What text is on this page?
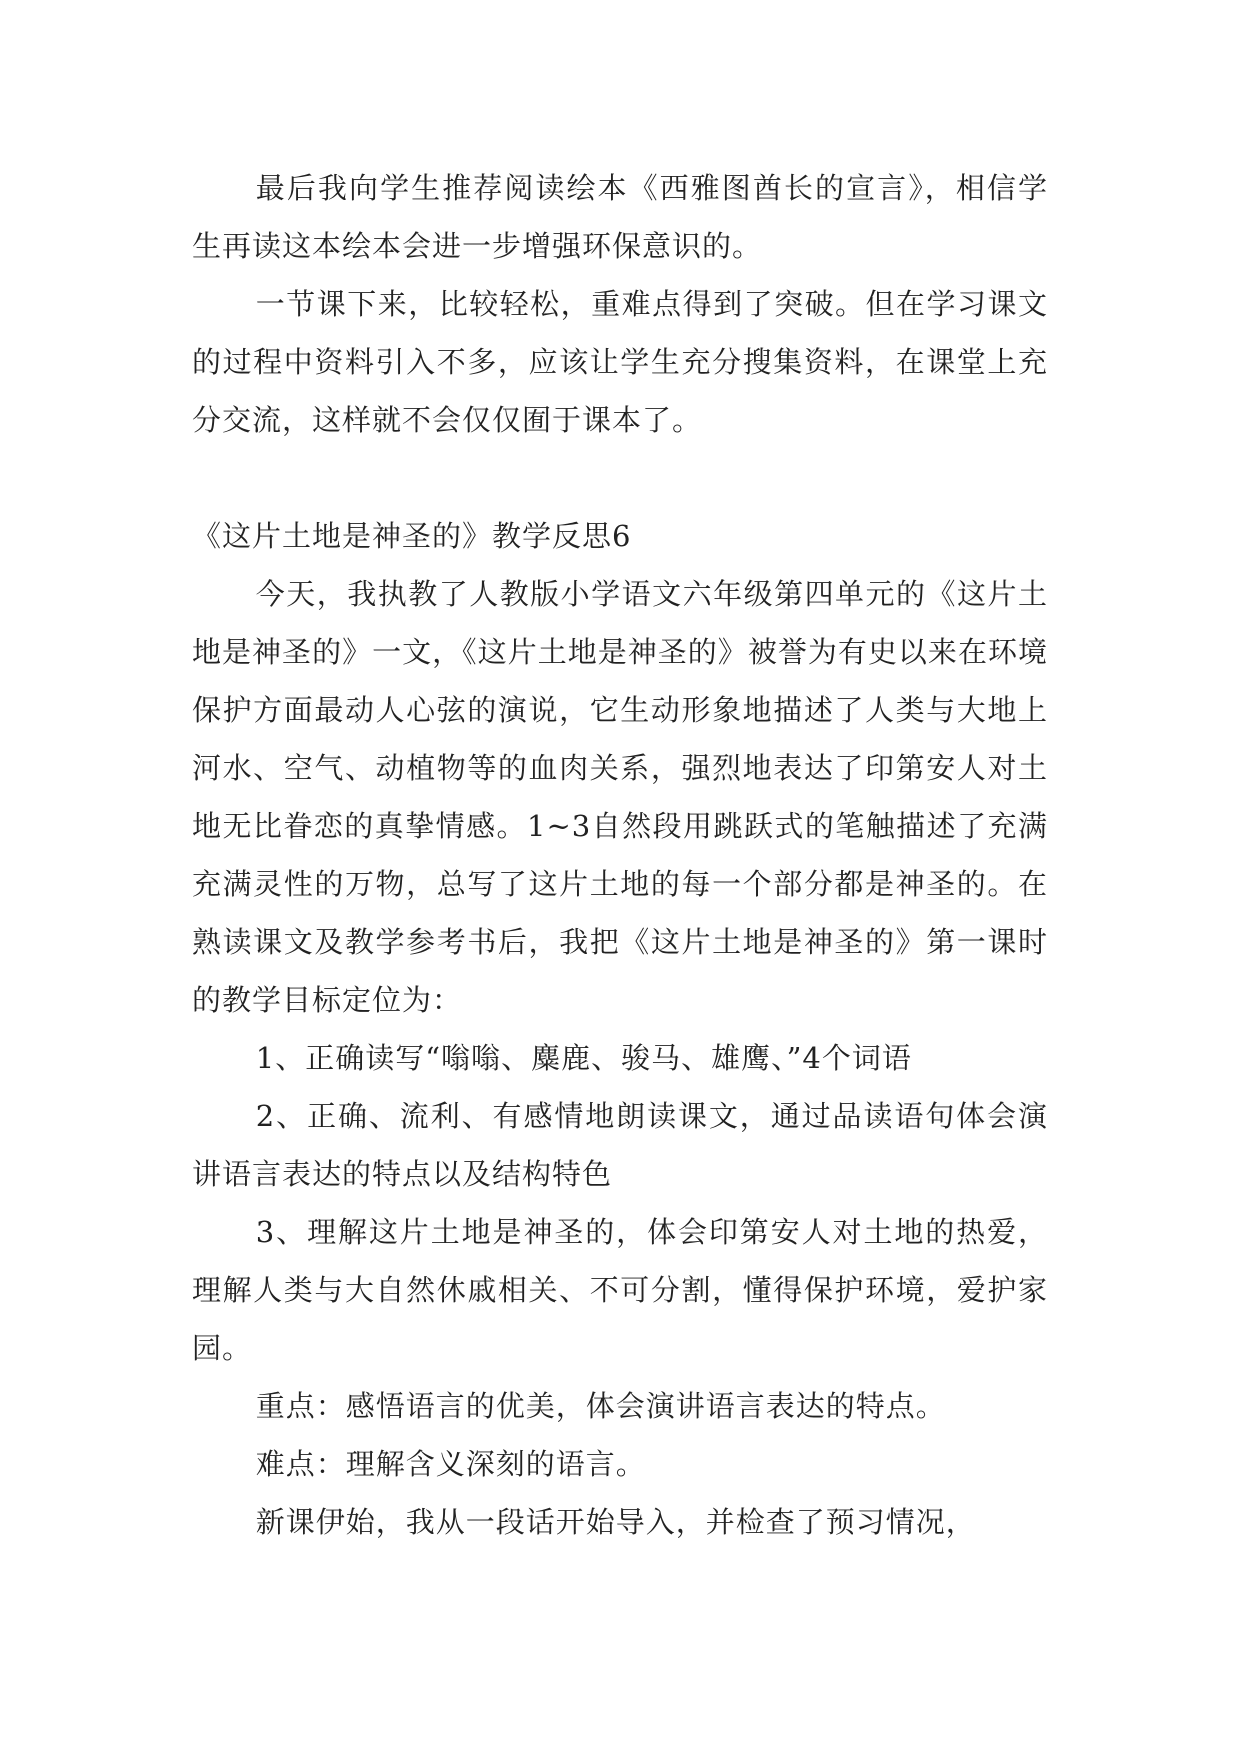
最后我向学生推荐阅读绘本《西雅图酋长的宣言》，相信学生再读这本绘本会进一步增强环保意识的。

一节课下来，比较轻松，重难点得到了突破。但在学习课文的过程中资料引入不多，应该让学生充分搜集资料，在课堂上充分交流，这样就不会仅仅囿于课本了。

《这片土地是神圣的》教学反思6

今天，我执教了人教版小学语文六年级第四单元的《这片土地是神圣的》一文，《这片土地是神圣的》被誉为有史以来在环境保护方面最动人心弦的演说，它生动形象地描述了人类与大地上河水、空气、动植物等的血肉关系，强烈地表达了印第安人对土地无比眷恋的真挚情感。1~3自然段用跳跃式的笔触描述了充满充满灵性的万物，总写了这片土地的每一个部分都是神圣的。在熟读课文及教学参考书后，我把《这片土地是神圣的》第一课时的教学目标定位为：

1、正确读写“嗡嗡、麋鹿、骏马、雄鹰、”4个词语

2、正确、流利、有感情地朗读课文，通过品读语句体会演讲语言表达的特点以及结构特色

3、理解这片土地是神圣的，体会印第安人对土地的热爱，理解人类与大自然休戚相关、不可分割，懂得保护环境，爱护家园。

重点：感悟语言的优美，体会演讲语言表达的特点。

难点：理解含义深刻的语言。

新课伊始，我从一段话开始导入，并检查了预习情况，
